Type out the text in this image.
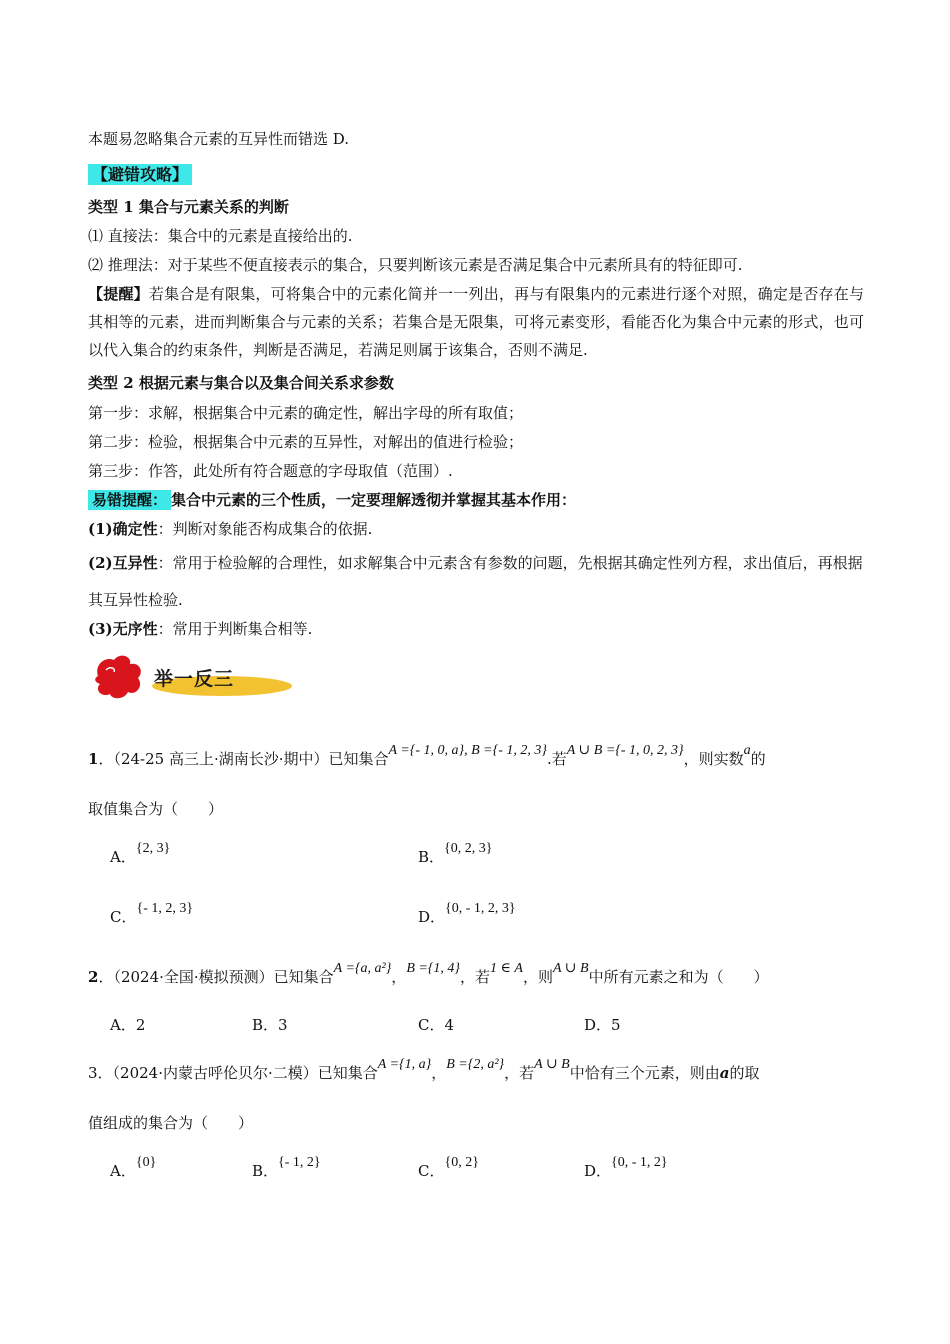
本题易忽略集合元素的互异性而错选 D.
【避错攻略】
类型 1 集合与元素关系的判断
⑴ 直接法：集合中的元素是直接给出的.
⑵ 推理法：对于某些不便直接表示的集合，只要判断该元素是否满足集合中元素所具有的特征即可.
【提醒】若集合是有限集，可将集合中的元素化简并一一列出，再与有限集内的元素进行逐个对照，确定是否存在与其相等的元素，进而判断集合与元素的关系；若集合是无限集，可将元素变形，看能否化为集合中元素的形式，也可以代入集合的约束条件，判断是否满足，若满足则属于该集合，否则不满足.
类型 2 根据元素与集合以及集合间关系求参数
第一步：求解，根据集合中元素的确定性，解出字母的所有取值；
第二步：检验，根据集合中元素的互异性，对解出的值进行检验；
第三步：作答，此处所有符合题意的字母取值（范围）.
易错提醒： 集合中元素的三个性质，一定要理解透彻并掌握其基本作用：
(1)确定性：判断对象能否构成集合的依据.
(2)互异性：常用于检验解的合理性，如求解集合中元素含有参数的问题，先根据其确定性列方程，求出值后，再根据其互异性检验.
(3)无序性：常用于判断集合相等.
举一反三
1．（24-25 高三上·湖南长沙·期中）已知集合A ={- 1, 0, a}, B ={- 1, 2, 3}.若A ∪ B ={- 1, 0, 2, 3}，则实数a的
取值集合为（　　）
A．{2, 3}	B．{0, 2, 3}
C．{- 1, 2, 3}	D．{0, - 1, 2, 3}
2．（2024·全国·模拟预测）已知集合A ={a, a²}，B ={1, 4}，若1 ∈ A，则A ∪ B中所有元素之和为（　　）
A．2	B．3	C．4	D．5
3．（2024·内蒙古呼伦贝尔·二模）已知集合A ={1, a}，B ={2, a²}，若A ∪ B中恰有三个元素，则由a的取
值组成的集合为（　　）
A．{0}	B．{- 1, 2}	C．{0, 2}	D．{0, - 1, 2}
